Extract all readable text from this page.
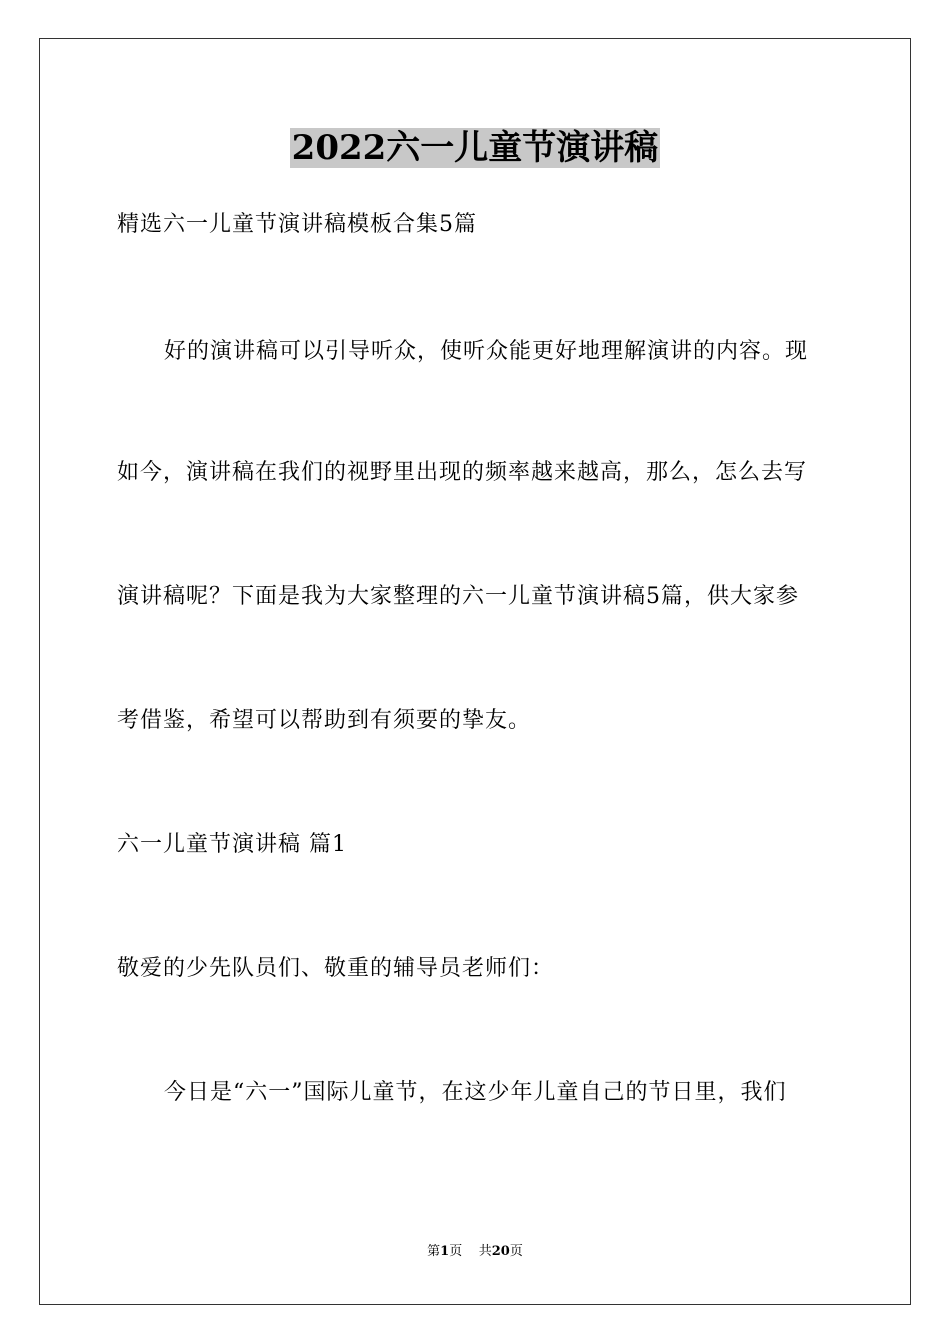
2022六一儿童节演讲稿
精选六一儿童节演讲稿模板合集5篇
好的演讲稿可以引导听众，使听众能更好地理解演讲的内容。现
如今，演讲稿在我们的视野里出现的频率越来越高，那么，怎么去写
演讲稿呢？下面是我为大家整理的六一儿童节演讲稿5篇，供大家参
考借鉴，希望可以帮助到有须要的挚友。
六一儿童节演讲稿 篇1
敬爱的少先队员们、敬重的辅导员老师们：
今日是“六一”国际儿童节，在这少年儿童自己的节日里，我们
第1页 共20页
